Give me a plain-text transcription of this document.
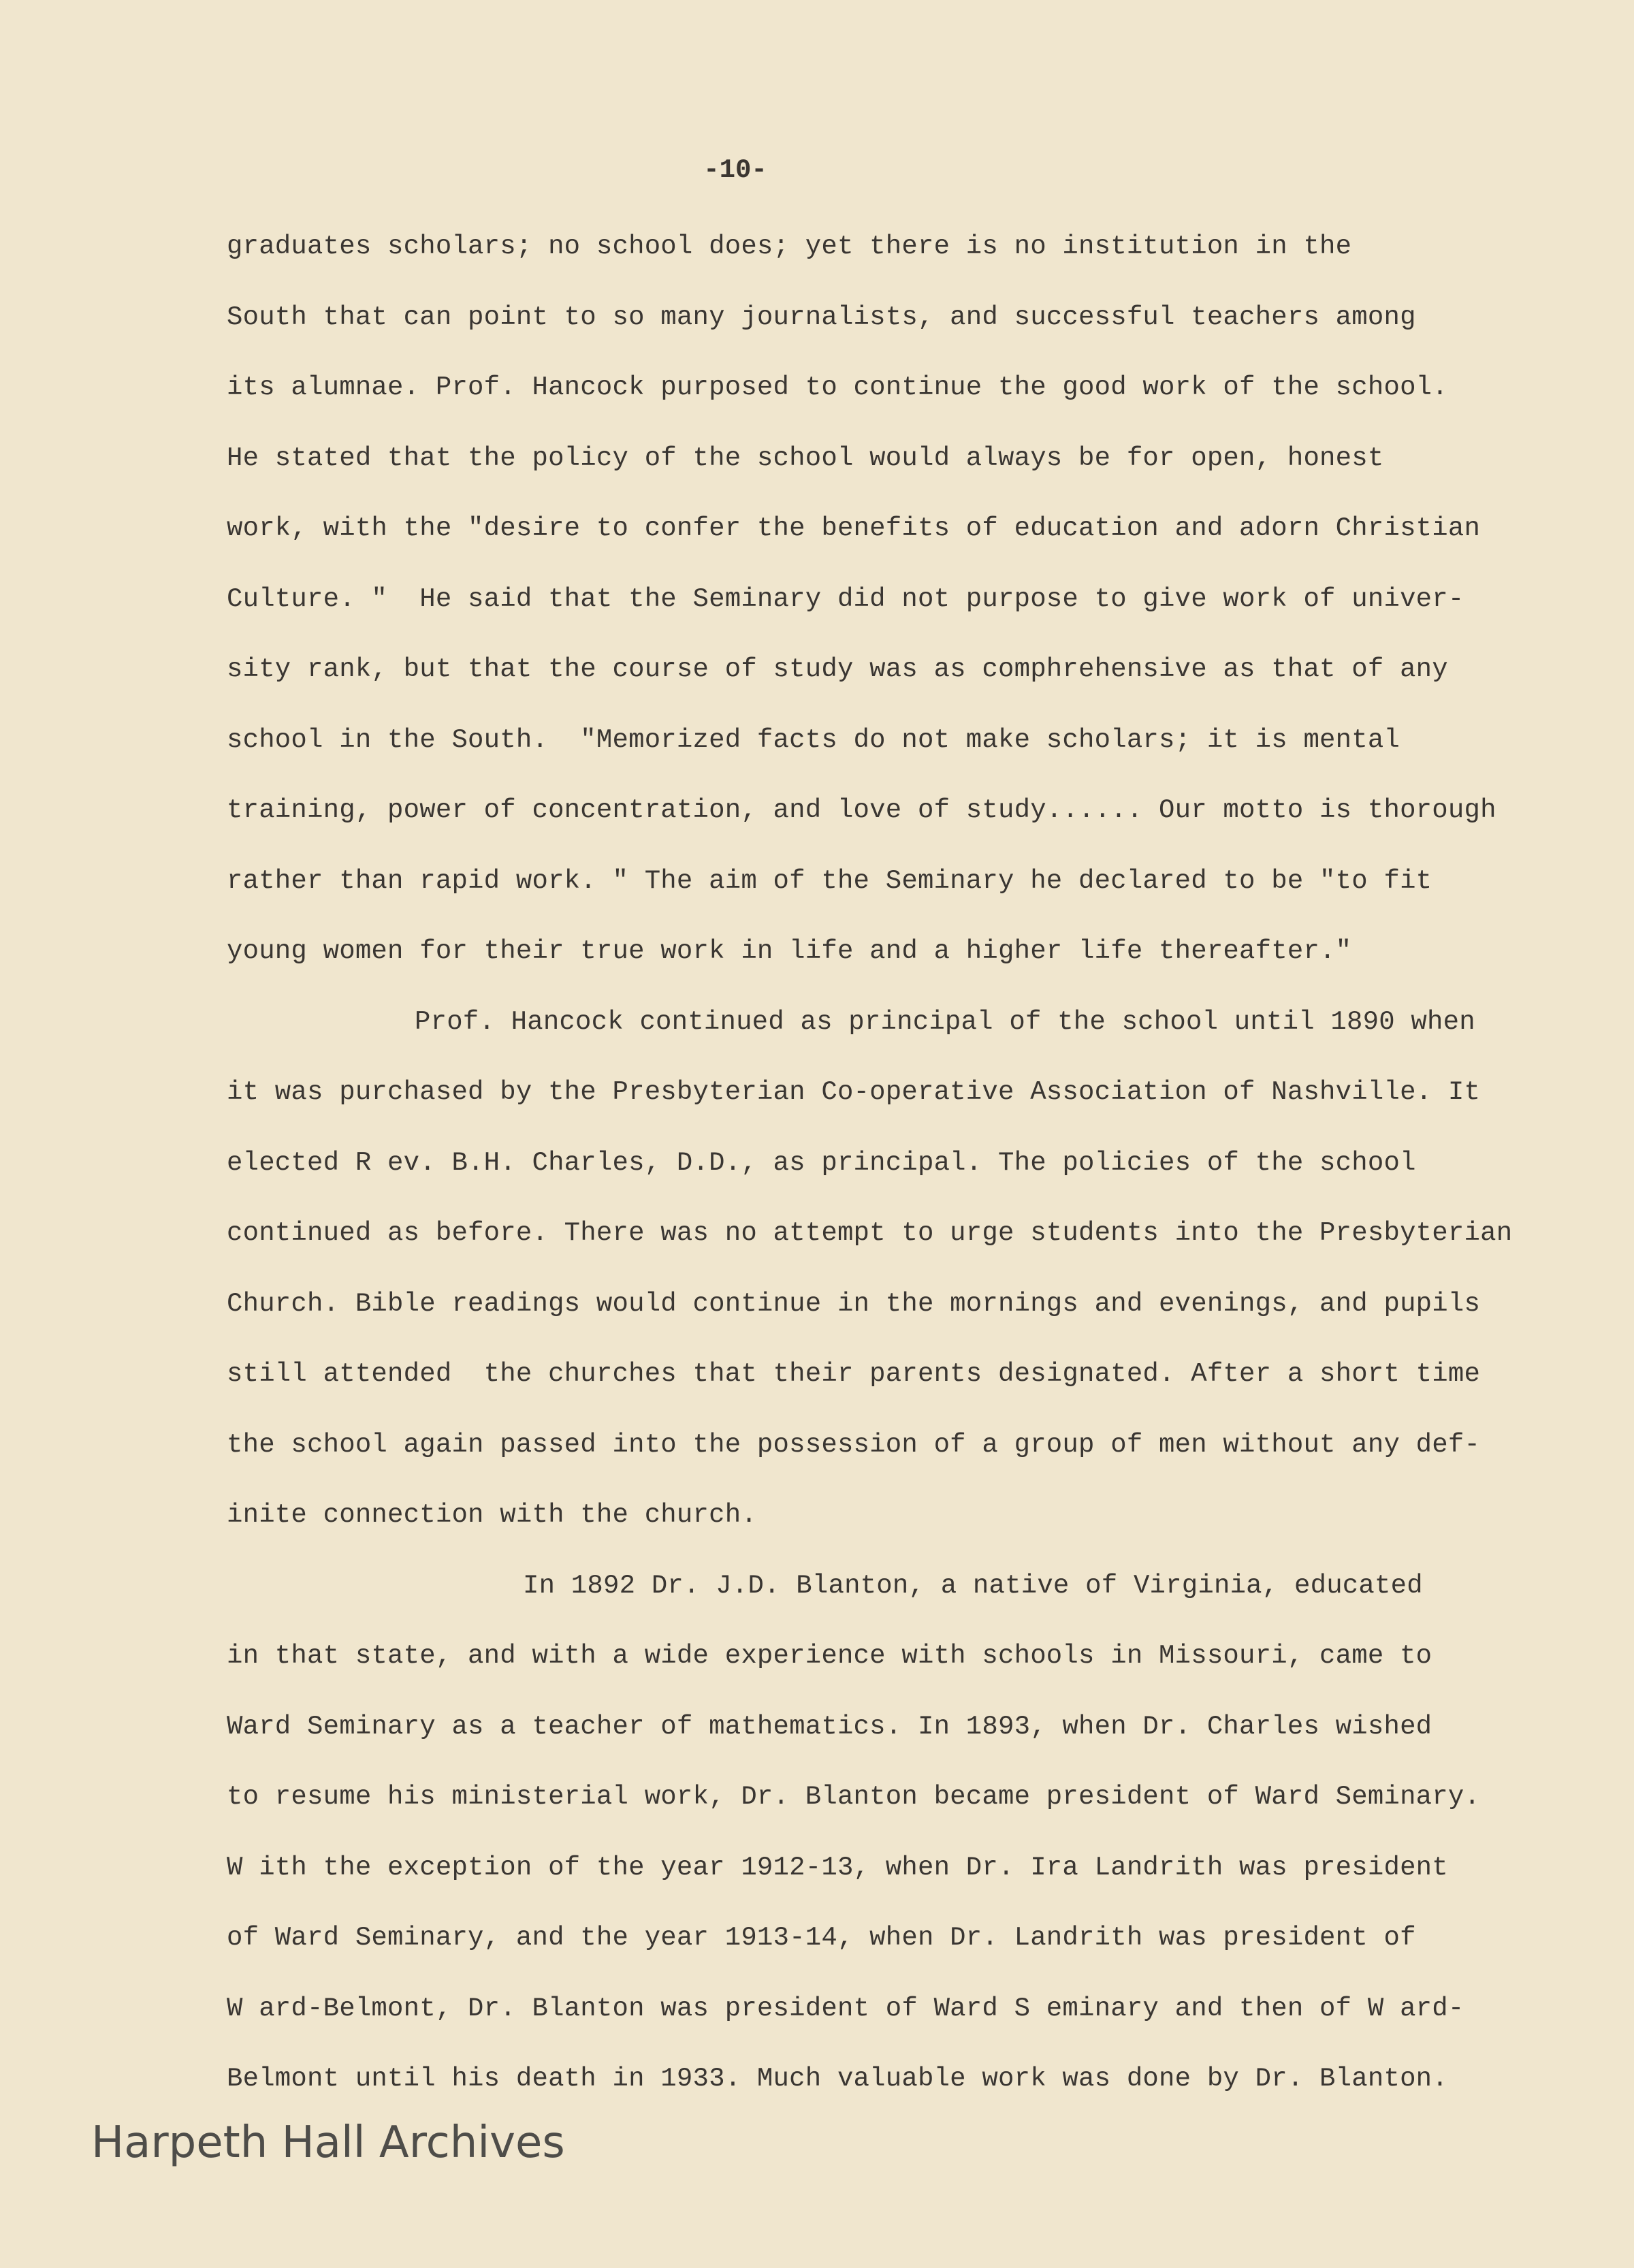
-10-
graduates scholars; no school does; yet there is no institution in the
South that can point to so many journalists, and successful teachers among
its alumnae. Prof. Hancock purposed to continue the good work of the school.
He stated that the policy of the school would always be for open, honest
work, with the "desire to confer the benefits of education and adorn Christian
Culture. "  He said that the Seminary did not purpose to give work of univer-
sity rank, but that the course of study was as comphrehensive as that of any
school in the South.  "Memorized facts do not make scholars; it is mental
training, power of concentration, and love of study...... Our motto is thorough
rather than rapid work. " The aim of the Seminary he declared to be "to fit
young women for their true work in life and a higher life thereafter."
Prof. Hancock continued as principal of the school until 1890 when
it was purchased by the Presbyterian Co-operative Association of Nashville. It
elected R ev. B.H. Charles, D.D., as principal. The policies of the school
continued as before. There was no attempt to urge students into the Presbyterian
Church. Bible readings would continue in the mornings and evenings, and pupils
still attended  the churches that their parents designated. After a short time
the school again passed into the possession of a group of men without any def-
inite connection with the church.
In 1892 Dr. J.D. Blanton, a native of Virginia, educated
in that state, and with a wide experience with schools in Missouri, came to
Ward Seminary as a teacher of mathematics. In 1893, when Dr. Charles wished
to resume his ministerial work, Dr. Blanton became president of Ward Seminary.
W ith the exception of the year 1912-13, when Dr. Ira Landrith was president
of Ward Seminary, and the year 1913-14, when Dr. Landrith was president of
W ard-Belmont, Dr. Blanton was president of Ward S eminary and then of W ard-
Belmont until his death in 1933. Much valuable work was done by Dr. Blanton.
Harpeth Hall Archives
